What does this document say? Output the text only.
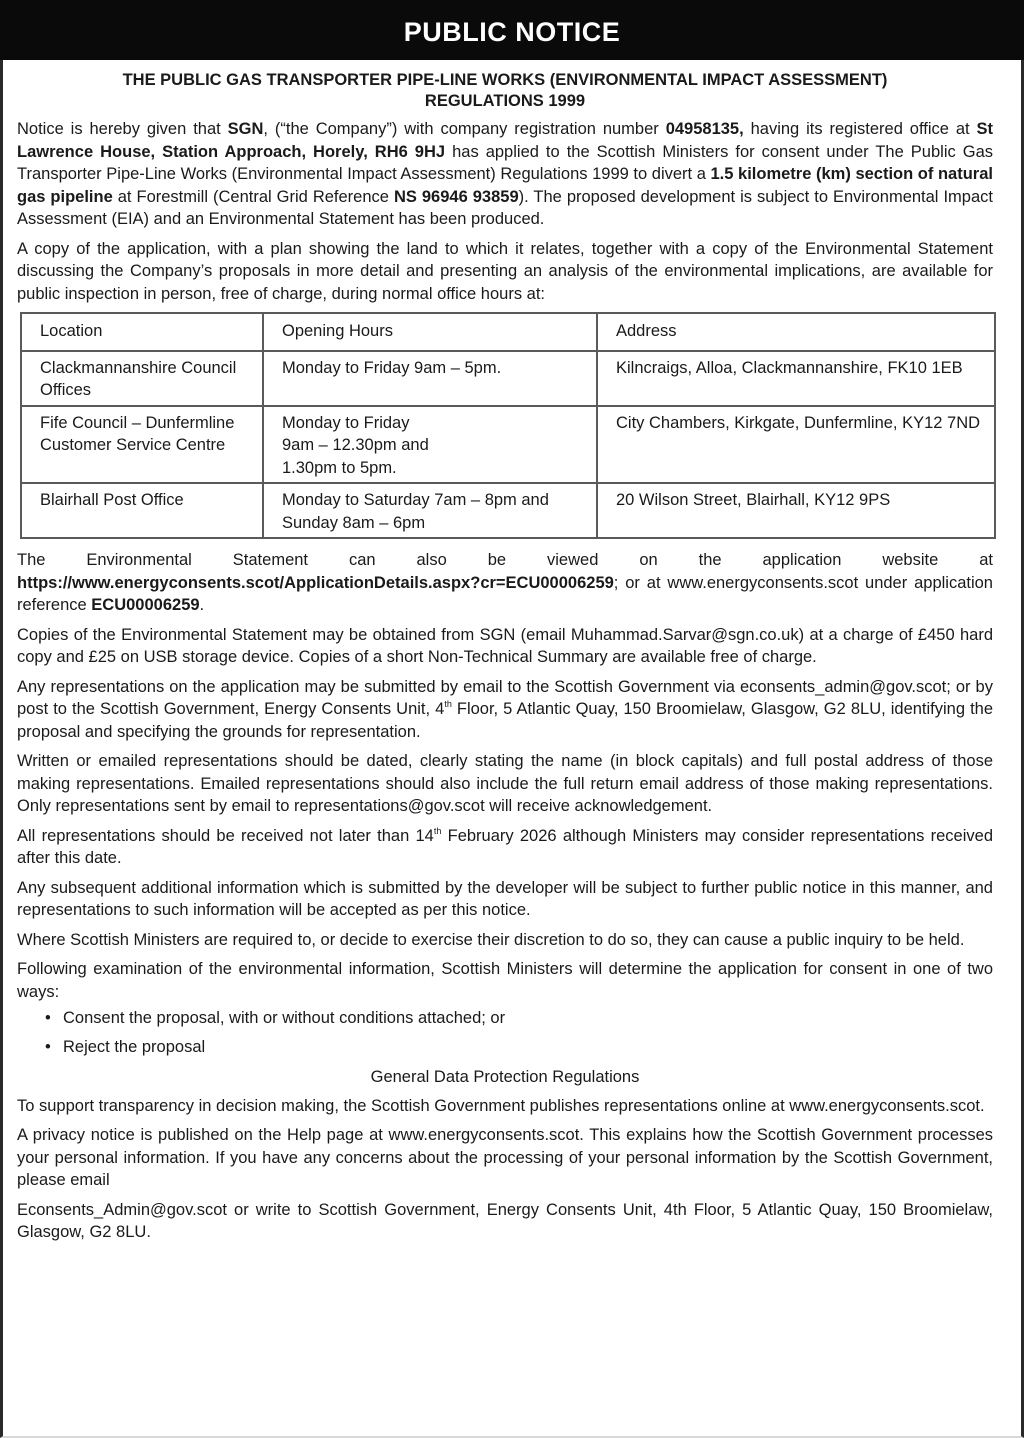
PUBLIC NOTICE
THE PUBLIC GAS TRANSPORTER PIPE-LINE WORKS (ENVIRONMENTAL IMPACT ASSESSMENT) REGULATIONS 1999

Notice is hereby given that SGN, (“the Company”) with company registration number 04958135, having its registered office at St Lawrence House, Station Approach, Horely, RH6 9HJ has applied to the Scottish Ministers for consent under The Public Gas Transporter Pipe-Line Works (Environmental Impact Assessment) Regulations 1999 to divert a 1.5 kilometre (km) section of natural gas pipeline at Forestmill (Central Grid Reference NS 96946 93859). The proposed development is subject to Environmental Impact Assessment (EIA) and an Environmental Statement has been produced.

A copy of the application, with a plan showing the land to which it relates, together with a copy of the Environmental Statement discussing the Company’s proposals in more detail and presenting an analysis of the environmental implications, are available for public inspection in person, free of charge, during normal office hours at:

Location	Opening Hours	Address
Clackmannanshire Council Offices	Monday to Friday 9am – 5pm.	Kilncraigs, Alloa, Clackmannanshire, FK10 1EB
Fife Council – Dunfermline Customer Service Centre	Monday to Friday
9am – 12.30pm and
1.30pm to 5pm.	City Chambers, Kirkgate, Dunfermline, KY12 7ND
Blairhall Post Office	Monday to Saturday 7am – 8pm and Sunday 8am – 6pm	20 Wilson Street, Blairhall, KY12 9PS

The Environmental Statement can also be viewed on the application website at https://www.energyconsents.scot/ApplicationDetails.aspx?cr=ECU00006259; or at www.energyconsents.scot under application reference ECU00006259.

Copies of the Environmental Statement may be obtained from SGN (email Muhammad.Sarvar@sgn.co.uk) at a charge of £450 hard copy and £25 on USB storage device. Copies of a short Non-Technical Summary are available free of charge.

Any representations on the application may be submitted by email to the Scottish Government via econsents_admin@gov.scot; or by post to the Scottish Government, Energy Consents Unit, 4th Floor, 5 Atlantic Quay, 150 Broomielaw, Glasgow, G2 8LU, identifying the proposal and specifying the grounds for representation.

Written or emailed representations should be dated, clearly stating the name (in block capitals) and full postal address of those making representations. Emailed representations should also include the full return email address of those making representations. Only representations sent by email to representations@gov.scot will receive acknowledgement.

All representations should be received not later than 14th February 2026 although Ministers may consider representations received after this date.

Any subsequent additional information which is submitted by the developer will be subject to further public notice in this manner, and representations to such information will be accepted as per this notice.

Where Scottish Ministers are required to, or decide to exercise their discretion to do so, they can cause a public inquiry to be held.

Following examination of the environmental information, Scottish Ministers will determine the application for consent in one of two ways:

• Consent the proposal, with or without conditions attached; or
• Reject the proposal
General Data Protection Regulations

To support transparency in decision making, the Scottish Government publishes representations online at www.energyconsents.scot.

A privacy notice is published on the Help page at www.energyconsents.scot. This explains how the Scottish Government processes your personal information. If you have any concerns about the processing of your personal information by the Scottish Government, please email

Econsents_Admin@gov.scot or write to Scottish Government, Energy Consents Unit, 4th Floor, 5 Atlantic Quay, 150 Broomielaw, Glasgow, G2 8LU.
